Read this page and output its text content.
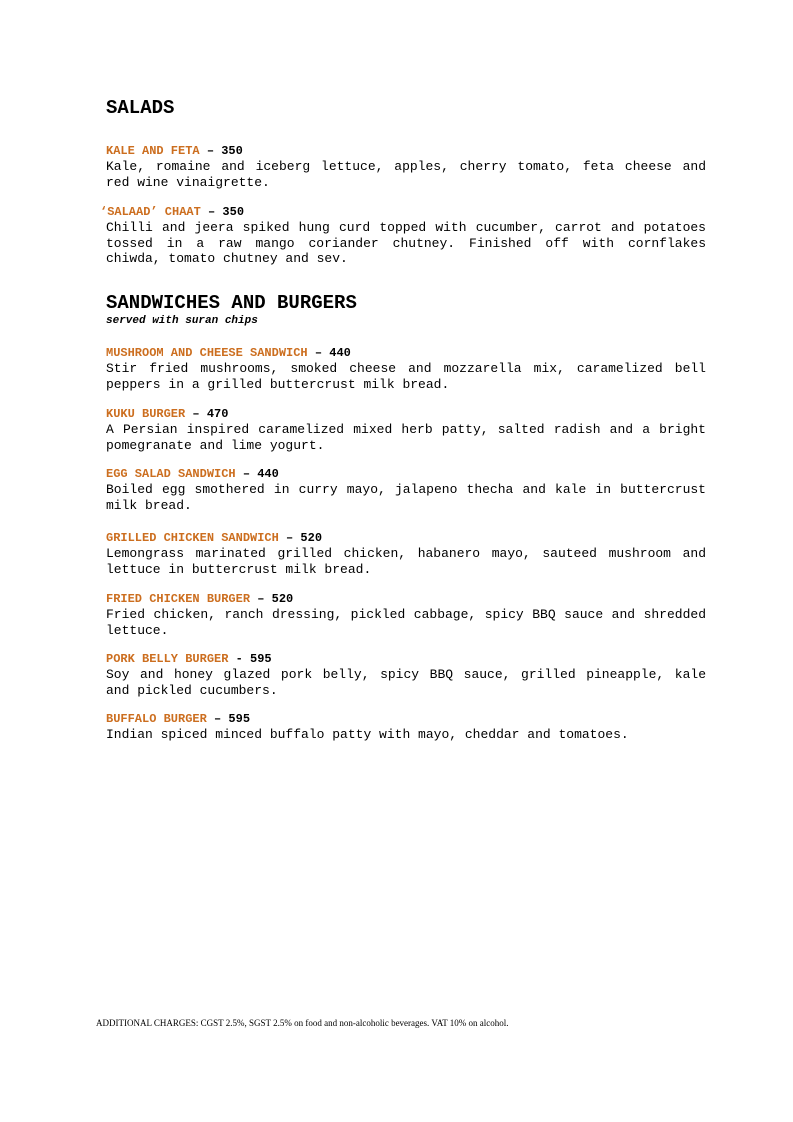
SALADS
KALE AND FETA – 350

Kale, romaine and iceberg lettuce, apples, cherry tomato, feta cheese and red wine vinaigrette.

‘SALAAD’ CHAAT – 350

Chilli and jeera spiked hung curd topped with cucumber, carrot and potatoes tossed in a raw mango coriander chutney. Finished off with cornflakes chiwda, tomato chutney and sev.

SANDWICHES AND BURGERS

served with suran chips

MUSHROOM AND CHEESE SANDWICH – 440

Stir fried mushrooms, smoked cheese and mozzarella mix, caramelized bell peppers in a grilled buttercrust milk bread.

KUKU BURGER – 470

A Persian inspired caramelized mixed herb patty, salted radish and a bright pomegranate and lime yogurt.

EGG SALAD SANDWICH – 440

Boiled egg smothered in curry mayo, jalapeno thecha and kale in buttercrust milk bread.

GRILLED CHICKEN SANDWICH – 520

Lemongrass marinated grilled chicken, habanero mayo, sauteed mushroom and lettuce in buttercrust milk bread.

FRIED CHICKEN BURGER – 520

Fried chicken, ranch dressing, pickled cabbage, spicy BBQ sauce and shredded lettuce.

PORK BELLY BURGER - 595

Soy and honey glazed pork belly, spicy BBQ sauce, grilled pineapple, kale and pickled cucumbers.

BUFFALO BURGER – 595

Indian spiced minced buffalo patty with mayo, cheddar and tomatoes.

ADDITIONAL CHARGES: CGST 2.5%, SGST 2.5% on food and non-alcoholic beverages. VAT 10% on alcohol.
